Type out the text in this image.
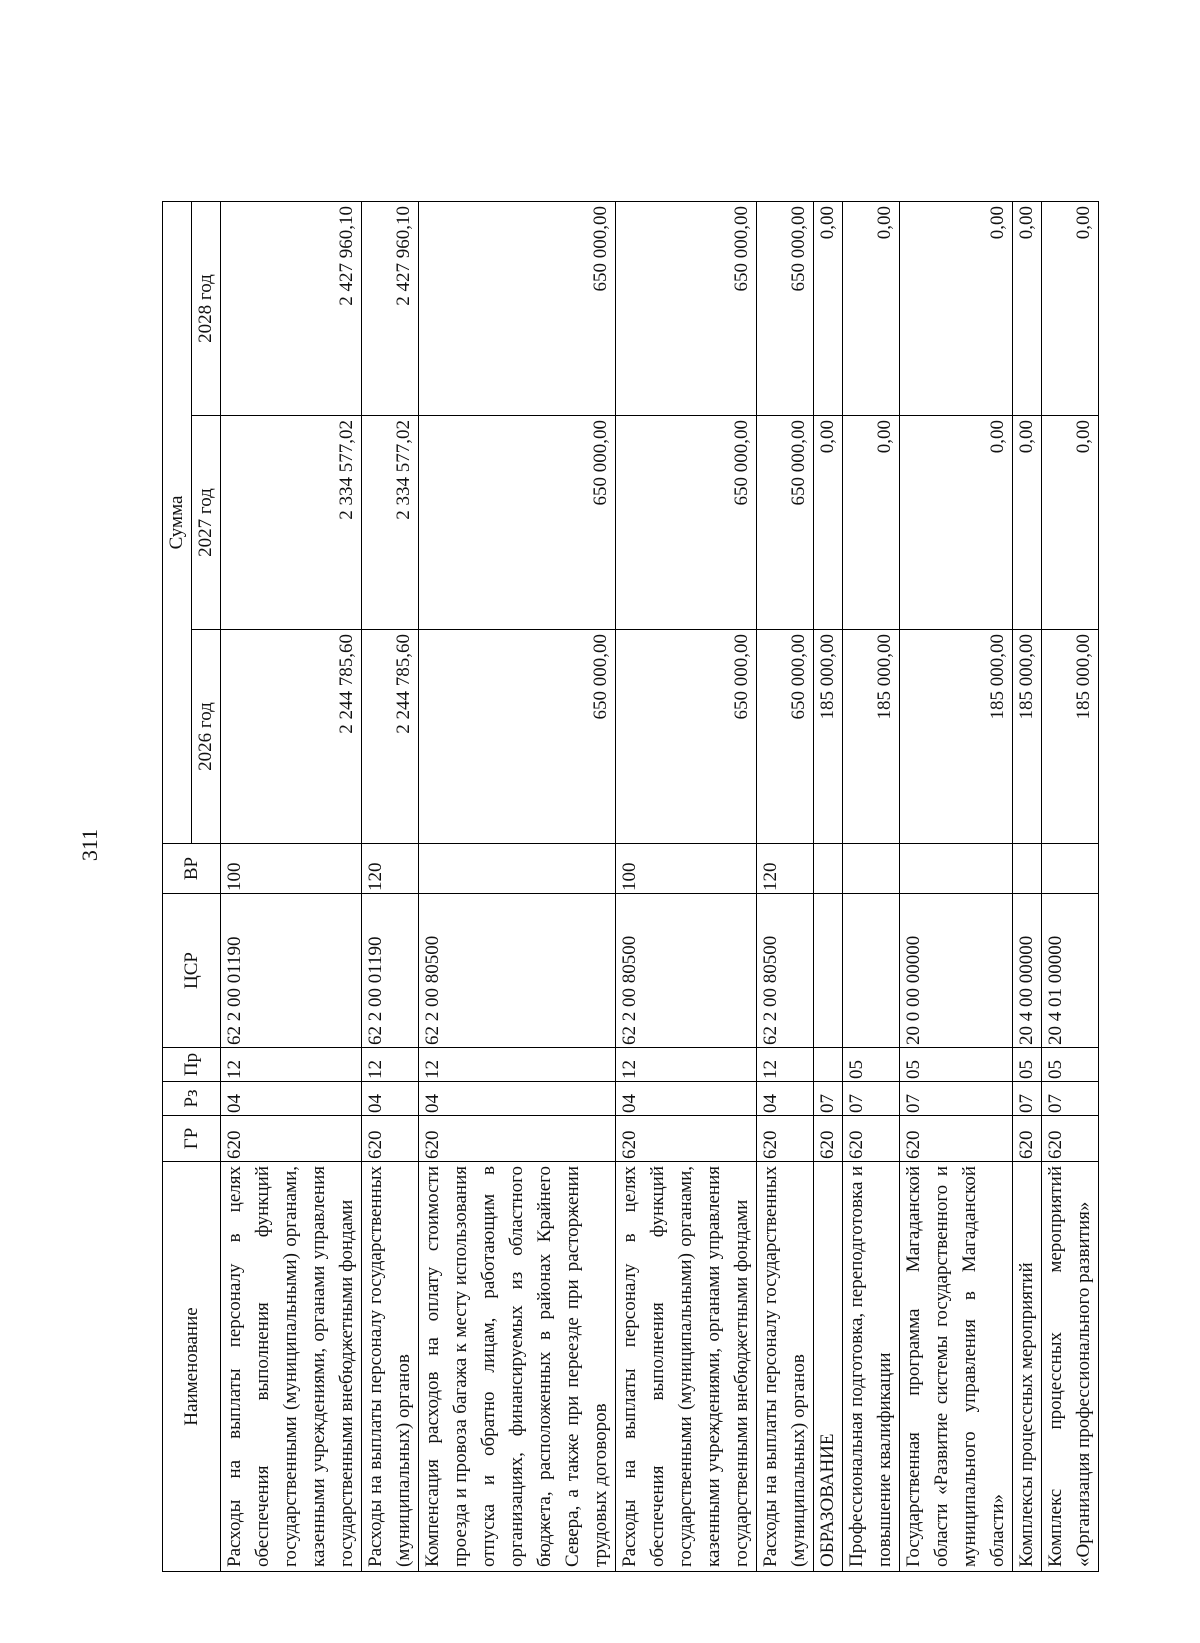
311
Наименование	ГР	Рз	Пр	ЦСР	ВР	Сумма		
						2026 год	2027 год	2028 год
Расходы на выплаты персоналу в целях обеспечения выполнения функций государственными (муниципальными) органами, казенными учреждениями, органами управления государственными внебюджетными фондами	620	04	12	62 2 00 01190	100	2 244 785,60	2 334 577,02	2 427 960,10
Расходы на выплаты персоналу государственных (муниципальных) органов	620	04	12	62 2 00 01190	120	2 244 785,60	2 334 577,02	2 427 960,10
Компенсация расходов на оплату стоимости проезда и провоза багажа к месту использования отпуска и обратно лицам, работающим в организациях, финансируемых из областного бюджета, расположенных в районах Крайнего Севера, а также при переезде при расторжении трудовых договоров	620	04	12	62 2 00 80500		650 000,00	650 000,00	650 000,00
Расходы на выплаты персоналу в целях обеспечения выполнения функций государственными (муниципальными) органами, казенными учреждениями, органами управления государственными внебюджетными фондами	620	04	12	62 2 00 80500	100	650 000,00	650 000,00	650 000,00
Расходы на выплаты персоналу государственных (муниципальных) органов	620	04	12	62 2 00 80500	120	650 000,00	650 000,00	650 000,00
ОБРАЗОВАНИЕ	620	07				185 000,00	0,00	0,00
Профессиональная подготовка, переподготовка и повышение квалификации	620	07	05			185 000,00	0,00	0,00
Государственная программа Магаданской области «Развитие системы государственного и муниципального управления в Магаданской области»	620	07	05	20 0 00 00000		185 000,00	0,00	0,00
Комплексы процессных мероприятий	620	07	05	20 4 00 00000		185 000,00	0,00	0,00
Комплекс процессных мероприятий «Организация профессионального развития»	620	07	05	20 4 01 00000		185 000,00	0,00	0,00
